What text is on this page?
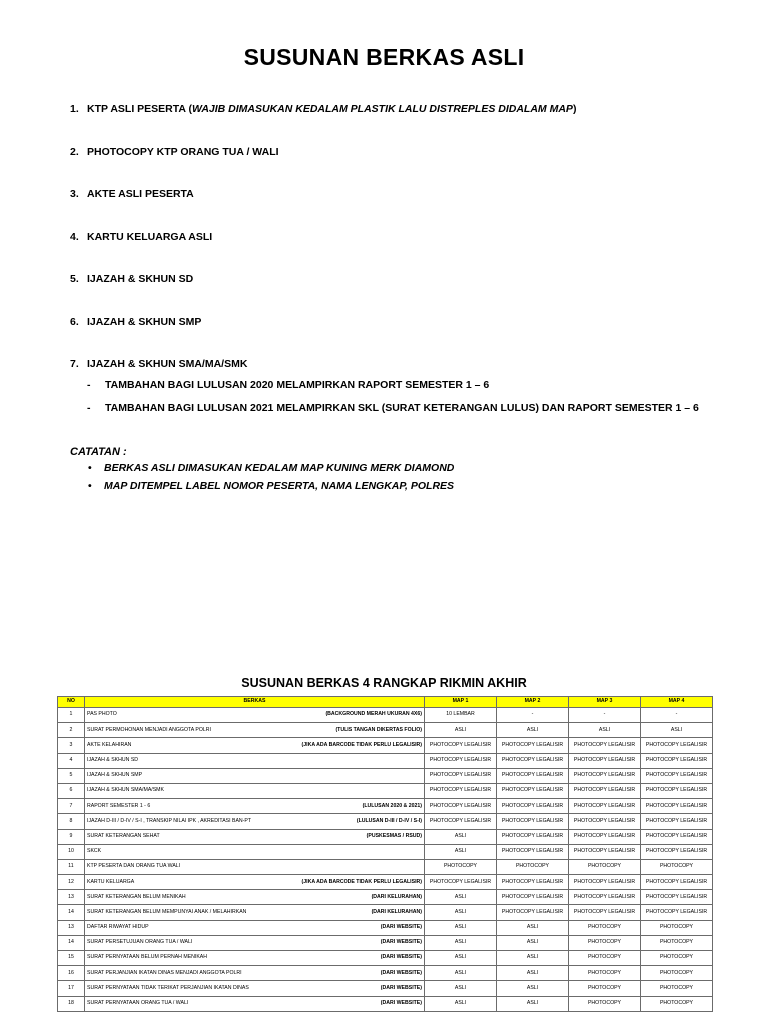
SUSUNAN BERKAS ASLI
1. KTP ASLI PESERTA (WAJIB DIMASUKAN KEDALAM PLASTIK LALU DISTREPLES DIDALAM MAP)
2. PHOTOCOPY KTP ORANG TUA / WALI
3. AKTE ASLI PESERTA
4. KARTU KELUARGA ASLI
5. IJAZAH & SKHUN SD
6. IJAZAH & SKHUN SMP
7. IJAZAH & SKHUN SMA/MA/SMK
-	TAMBAHAN BAGI LULUSAN 2020 MELAMPIRKAN RAPORT SEMESTER 1 – 6
-	TAMBAHAN BAGI LULUSAN 2021 MELAMPIRKAN SKL (SURAT KETERANGAN LULUS) DAN RAPORT SEMESTER 1 – 6
CATATAN :
•	BERKAS ASLI DIMASUKAN KEDALAM MAP KUNING MERK DIAMOND
•	MAP DITEMPEL LABEL NOMOR PESERTA, NAMA LENGKAP, POLRES
SUSUNAN BERKAS 4 RANGKAP RIKMIN AKHIR
NO	BERKAS	MAP 1	MAP 2	MAP 3	MAP 4
1	PAS PHOTO (BACKGROUND MERAH UKURAN 4X6)	10 LEMBAR	-	-	-
2	SURAT PERMOHONAN MENJADI ANGGOTA POLRI (TULIS TANGAN DIKERTAS FOLIO)	ASLI	ASLI	ASLI	ASLI
3	AKTE KELAHIRAN (JIKA ADA BARCODE TIDAK PERLU LEGALISIR)	PHOTOCOPY LEGALISIR	PHOTOCOPY LEGALISIR	PHOTOCOPY LEGALISIR	PHOTOCOPY LEGALISIR
4	IJAZAH & SKHUN SD	PHOTOCOPY LEGALISIR	PHOTOCOPY LEGALISIR	PHOTOCOPY LEGALISIR	PHOTOCOPY LEGALISIR
5	IJAZAH & SKHUN SMP	PHOTOCOPY LEGALISIR	PHOTOCOPY LEGALISIR	PHOTOCOPY LEGALISIR	PHOTOCOPY LEGALISIR
6	IJAZAH & SKHUN SMA/MA/SMK	PHOTOCOPY LEGALISIR	PHOTOCOPY LEGALISIR	PHOTOCOPY LEGALISIR	PHOTOCOPY LEGALISIR
7	RAPORT SEMESTER 1 - 6 (LULUSAN 2020 & 2021)	PHOTOCOPY LEGALISIR	PHOTOCOPY LEGALISIR	PHOTOCOPY LEGALISIR	PHOTOCOPY LEGALISIR
8	IJAZAH D-III / D-IV / S-I , TRANSKIP NILAI IPK , AKREDITASI BAN-PT (LULUSAN D-III / D-IV / S-I)	PHOTOCOPY LEGALISIR	PHOTOCOPY LEGALISIR	PHOTOCOPY LEGALISIR	PHOTOCOPY LEGALISIR
9	SURAT KETERANGAN SEHAT (PUSKESMAS / RSUD)	ASLI	PHOTOCOPY LEGALISIR	PHOTOCOPY LEGALISIR	PHOTOCOPY LEGALISIR
10	SKCK	ASLI	PHOTOCOPY LEGALISIR	PHOTOCOPY LEGALISIR	PHOTOCOPY LEGALISIR
11	KTP PESERTA DAN ORANG TUA WALI	PHOTOCOPY	PHOTOCOPY	PHOTOCOPY	PHOTOCOPY
12	KARTU KELUARGA (JIKA ADA BARCODE TIDAK PERLU LEGALISIR)	PHOTOCOPY LEGALISIR	PHOTOCOPY LEGALISIR	PHOTOCOPY LEGALISIR	PHOTOCOPY LEGALISIR
13	SURAT KETERANGAN BELUM MENIKAH (DARI KELURAHAN)	ASLI	PHOTOCOPY LEGALISIR	PHOTOCOPY LEGALISIR	PHOTOCOPY LEGALISIR
14	SURAT KETERANGAN BELUM MEMPUNYAI ANAK / MELAHIRKAN (DARI KELURAHAN)	ASLI	PHOTOCOPY LEGALISIR	PHOTOCOPY LEGALISIR	PHOTOCOPY LEGALISIR
13	DAFTAR RIWAYAT HIDUP (DARI WEBSITE)	ASLI	ASLI	PHOTOCOPY	PHOTOCOPY
14	SURAT PERSETUJUAN ORANG TUA / WALI (DARI WEBSITE)	ASLI	ASLI	PHOTOCOPY	PHOTOCOPY
15	SURAT PERNYATAAN BELUM PERNAH MENIKAH (DARI WEBSITE)	ASLI	ASLI	PHOTOCOPY	PHOTOCOPY
16	SURAT PERJANJIAN IKATAN DINAS MENJADI ANGGOTA POLRI (DARI WEBSITE)	ASLI	ASLI	PHOTOCOPY	PHOTOCOPY
17	SURAT PERNYATAAN TIDAK TERIKAT PERJANJIAN IKATAN DINAS (DARI WEBSITE)	ASLI	ASLI	PHOTOCOPY	PHOTOCOPY
18	SURAT PERNYATAAN ORANG TUA / WALI (DARI WEBSITE)	ASLI	ASLI	PHOTOCOPY	PHOTOCOPY
